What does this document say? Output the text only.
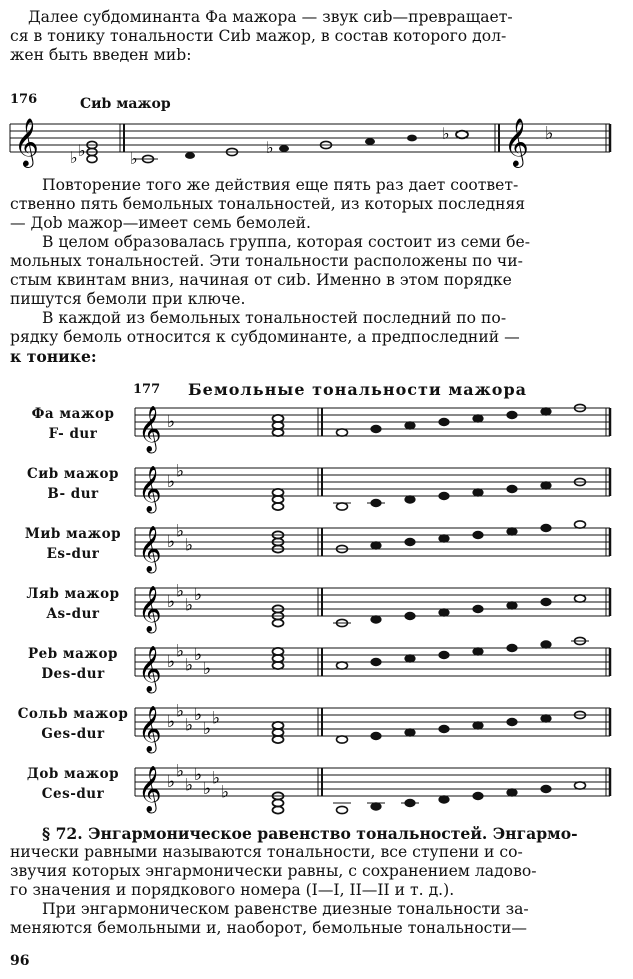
Далее субдоминанта Фа мажора — звук сиb—превращает-
ся в тонику тональности Сиb мажор, в состав которого дол-
жен быть введен миb:
176	Сиb мажор
𝄞	𝄞 ♭
♭ ♭	♭
♭
♭
Повторение того же действия еще пять раз дает соответ-
ственно пять бемольных тональностей, из которых последняя
— Доb мажор—имеет семь бемолей.
В целом образовалась группа, которая состоит из семи бе-
мольных тональностей. Эти тональности расположены по чи-
стым квинтам вниз, начиная от сиb. Именно в этом порядке
пишутся бемоли при ключе.
В каждой из бемольных тональностей последний по по-
рядку бемоль относится к субдоминанте, а предпоследний —
к тонике:
177 Бемольные тональности мажора
Фа мажор
F- dur
Сиb мажор
B- dur
Миb мажор
Es-dur
Ляb мажор
As-dur
Реb мажор
Des-dur
Сольb мажор
Ges-dur
Доb мажор
Ces-dur
𝄞 ♭
𝄞 ♭
♭
𝄞 ♭
♭
♭
𝄞 ♭
♭
♭
♭
𝄞 ♭
♭
♭
♭
♭
𝄞 ♭
♭
♭
♭
♭
♭
𝄞 ♭
♭
♭
♭
♭
♭
♭
§ 72. Энгармоническое равенство тональностей. Энгармо-
нически равными называются тональности, все ступени и со-
звучия которых энгармонически равны, с сохранением ладово-
го значения и порядкового номера (I—I, II—II и т. д.).
При энгармоническом равенстве диезные тональности за-
меняются бемольными и, наоборот, бемольные тональности—
96
